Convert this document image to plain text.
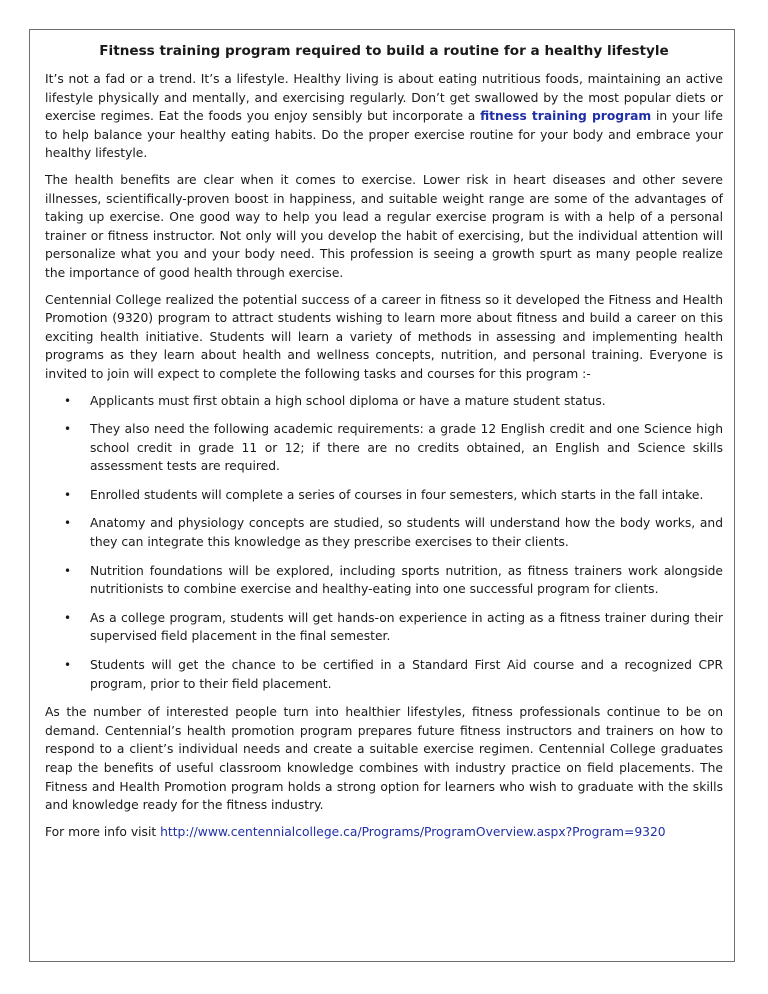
Fitness training program required to build a routine for a healthy lifestyle

It’s not a fad or a trend. It’s a lifestyle. Healthy living is about eating nutritious foods, maintaining an active lifestyle physically and mentally, and exercising regularly. Don’t get swallowed by the most popular diets or exercise regimes. Eat the foods you enjoy sensibly but incorporate a fitness training program in your life to help balance your healthy eating habits. Do the proper exercise routine for your body and embrace your healthy lifestyle.

The health benefits are clear when it comes to exercise. Lower risk in heart diseases and other severe illnesses, scientifically-proven boost in happiness, and suitable weight range are some of the advantages of taking up exercise. One good way to help you lead a regular exercise program is with a help of a personal trainer or fitness instructor. Not only will you develop the habit of exercising, but the individual attention will personalize what you and your body need. This profession is seeing a growth spurt as many people realize the importance of good health through exercise.

Centennial College realized the potential success of a career in fitness so it developed the Fitness and Health Promotion (9320) program to attract students wishing to learn more about fitness and build a career on this exciting health initiative. Students will learn a variety of methods in assessing and implementing health programs as they learn about health and wellness concepts, nutrition, and personal training. Everyone is invited to join will expect to complete the following tasks and courses for this program :-

• Applicants must first obtain a high school diploma or have a mature student status.
• They also need the following academic requirements: a grade 12 English credit and one Science high school credit in grade 11 or 12; if there are no credits obtained, an English and Science skills assessment tests are required.
• Enrolled students will complete a series of courses in four semesters, which starts in the fall intake.
• Anatomy and physiology concepts are studied, so students will understand how the body works, and they can integrate this knowledge as they prescribe exercises to their clients.
• Nutrition foundations will be explored, including sports nutrition, as fitness trainers work alongside nutritionists to combine exercise and healthy-eating into one successful program for clients.
• As a college program, students will get hands-on experience in acting as a fitness trainer during their supervised field placement in the final semester.
• Students will get the chance to be certified in a Standard First Aid course and a recognized CPR program, prior to their field placement.

As the number of interested people turn into healthier lifestyles, fitness professionals continue to be on demand. Centennial’s health promotion program prepares future fitness instructors and trainers on how to respond to a client’s individual needs and create a suitable exercise regimen. Centennial College graduates reap the benefits of useful classroom knowledge combines with industry practice on field placements. The Fitness and Health Promotion program holds a strong option for learners who wish to graduate with the skills and knowledge ready for the fitness industry.

For more info visit http://www.centennialcollege.ca/Programs/ProgramOverview.aspx?Program=9320
